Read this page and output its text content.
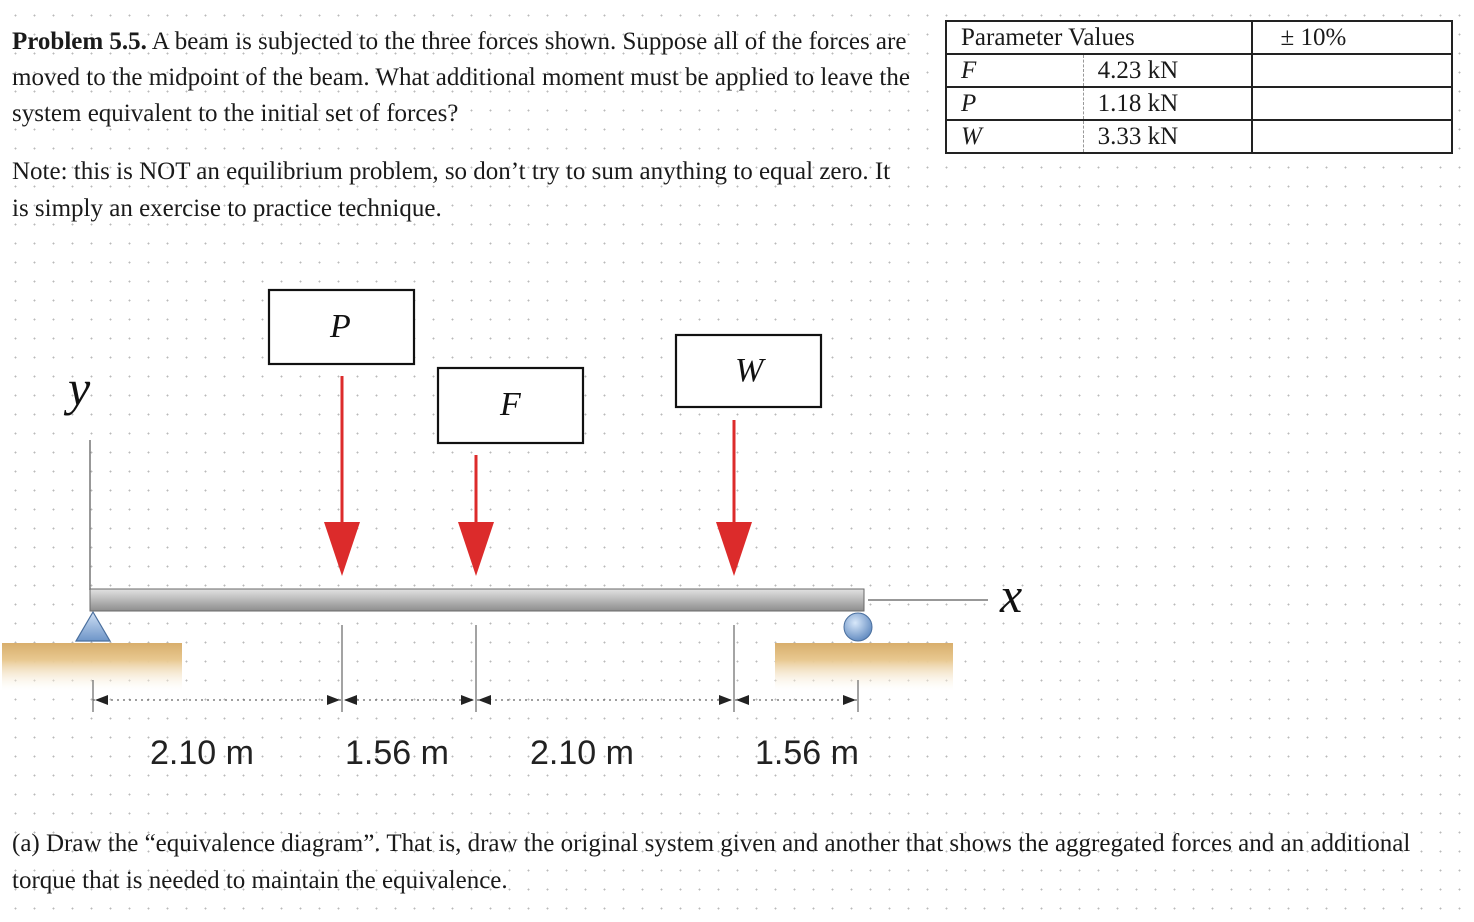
Problem 5.5. A beam is subjected to the three forces shown. Suppose all of the forces are moved to the midpoint of the beam. What additional moment must be applied to leave the system equivalent to the initial set of forces?
Note: this is NOT an equilibrium problem, so don’t try to sum anything to equal zero. It is simply an exercise to practice technique.
Parameter Values		± 10%
F	4.23 kN	
P	1.18 kN	
W	3.33 kN	
y
x
P
F
W
2.10 m	1.56 m 2.10 m	1.56 m
(a) Draw the “equivalence diagram”. That is, draw the original system given and another that shows the aggregated forces and an additional torque that is needed to maintain the equivalence.
